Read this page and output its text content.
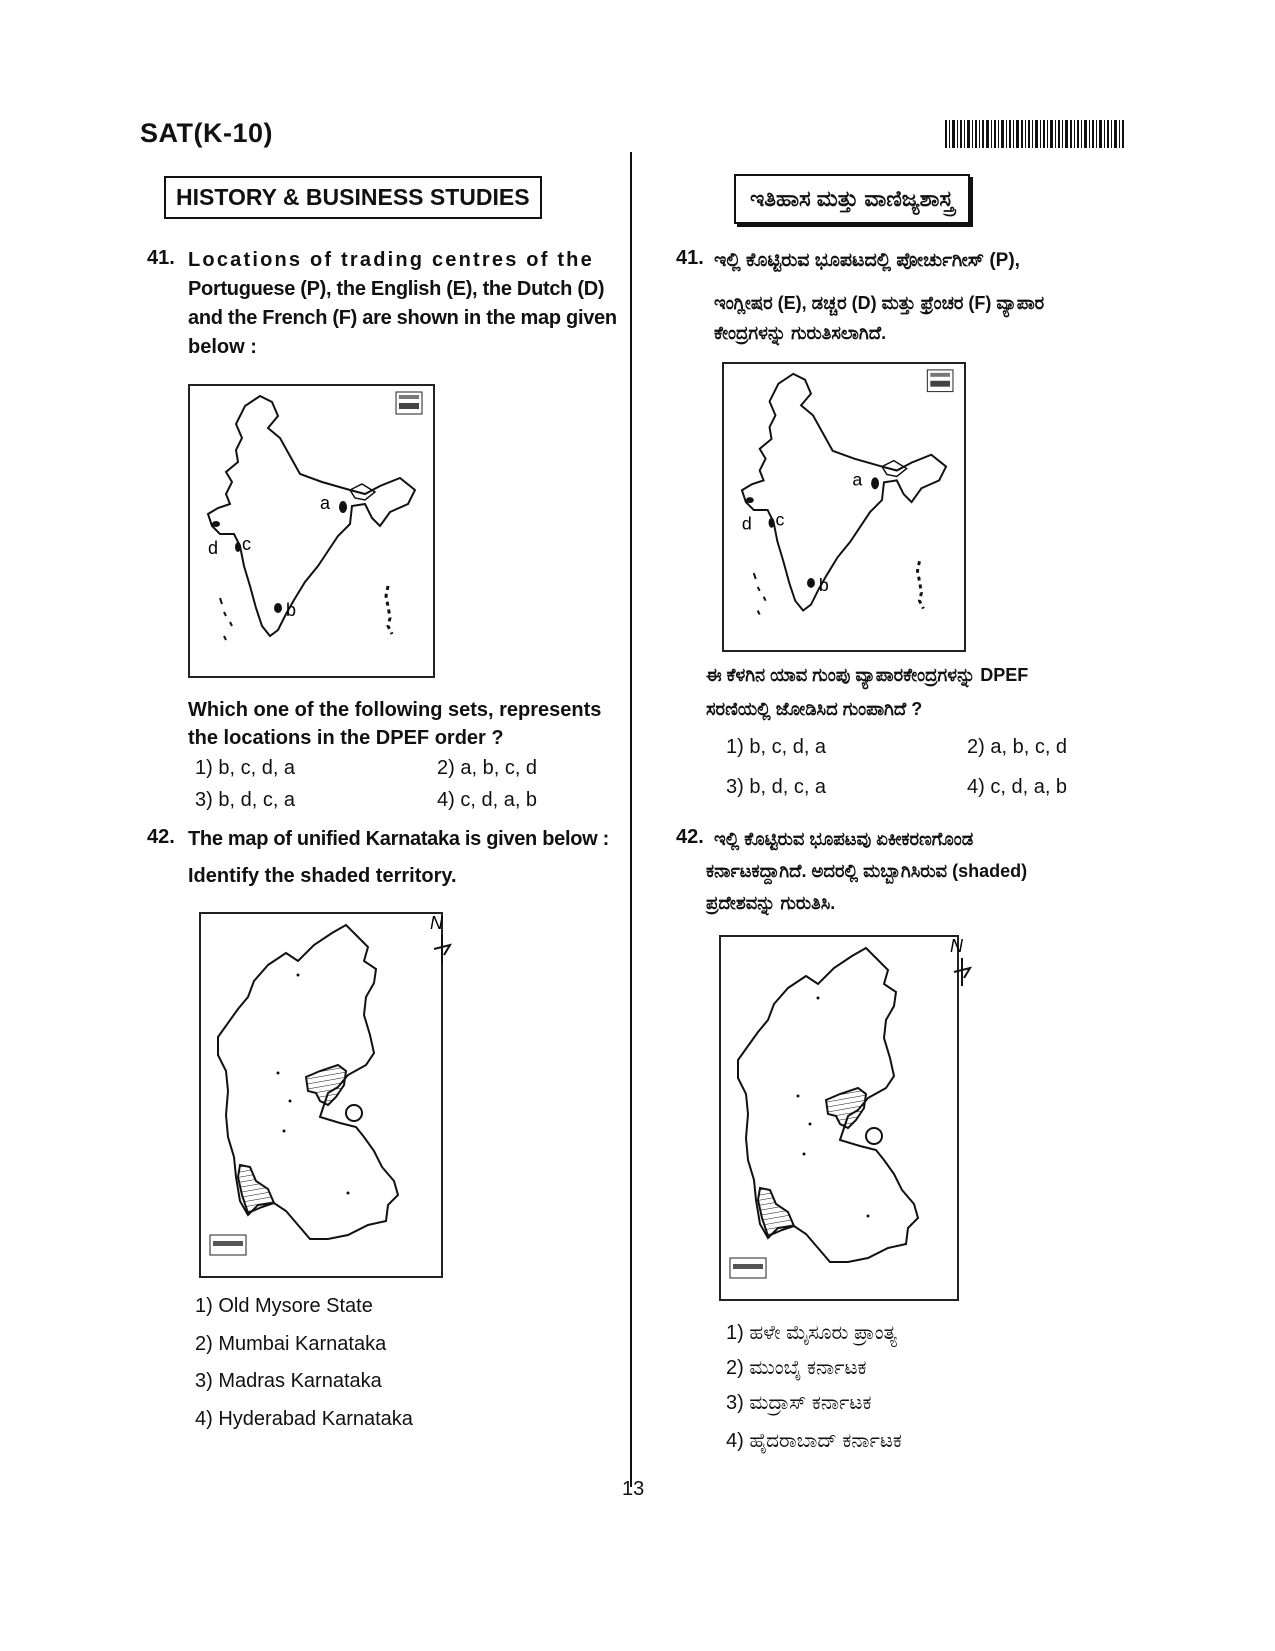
SAT(K-10)
HISTORY & BUSINESS STUDIES
41. Locations of trading centres of the
Portuguese (P), the English (E), the Dutch (D)
and the French (F) are shown in the map given
below :
a
b
c
d
Which one of the following sets, represents
the locations in the DPEF order ?
1) b, c, d, a	2) a, b, c, d
3) b, d, c, a	4) c, d, a, b
42. The map of unified Karnataka is given below :
Identify the shaded territory.
N
1) Old Mysore State
2) Mumbai Karnataka
3) Madras Karnataka
4) Hyderabad Karnataka
ಇತಿಹಾಸ ಮತ್ತು ವಾಣಿಜ್ಯಶಾಸ್ತ್ರ
41. ಇಲ್ಲಿ ಕೊಟ್ಟಿರುವ ಭೂಪಟದಲ್ಲಿ ಪೋರ್ಚುಗೀಸ್ (P),
ಇಂಗ್ಲೀಷರ (E), ಡಚ್ಚರ (D) ಮತ್ತು ಫ್ರೆಂಚರ (F) ವ್ಯಾಪಾರ
ಕೇಂದ್ರಗಳನ್ನು ಗುರುತಿಸಲಾಗಿದೆ.
a
b
c
d
ಈ ಕೆಳಗಿನ ಯಾವ ಗುಂಪು ವ್ಯಾಪಾರಕೇಂದ್ರಗಳನ್ನು DPEF
ಸರಣಿಯಲ್ಲಿ ಜೋಡಿಸಿದ ಗುಂಪಾಗಿದೆ ?
1) b, c, d, a	2) a, b, c, d
3) b, d, c, a	4) c, d, a, b
42. ಇಲ್ಲಿ ಕೊಟ್ಟಿರುವ ಭೂಪಟವು ಏಕೀಕರಣಗೊಂಡ
ಕರ್ನಾಟಕದ್ದಾಗಿದೆ. ಅದರಲ್ಲಿ ಮಬ್ಬಾಗಿಸಿರುವ (shaded)
ಪ್ರದೇಶವನ್ನು ಗುರುತಿಸಿ.
N
1) ಹಳೇ ಮೈಸೂರು ಪ್ರಾಂತ್ಯ
2) ಮುಂಬೈ ಕರ್ನಾಟಕ
3) ಮದ್ರಾಸ್ ಕರ್ನಾಟಕ
4) ಹೈದರಾಬಾದ್ ಕರ್ನಾಟಕ
13
